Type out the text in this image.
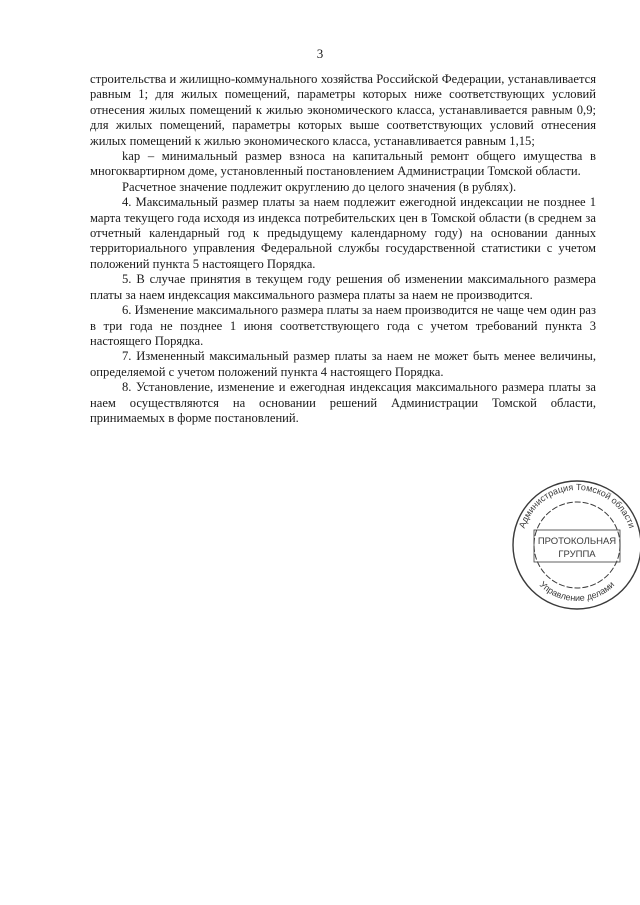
3

строительства и жилищно-коммунального хозяйства Российской Федерации, устанавливается равным 1; для жилых помещений, параметры которых ниже соответствующих условий отнесения жилых помещений к жилью экономического класса, устанавливается равным 0,9; для жилых помещений, параметры которых выше соответствующих условий отнесения жилых помещений к жилью экономического класса, устанавливается равным 1,15;

kap – минимальный размер взноса на капитальный ремонт общего имущества в многоквартирном доме, установленный постановлением Администрации Томской области.

Расчетное значение подлежит округлению до целого значения (в рублях).

4. Максимальный размер платы за наем подлежит ежегодной индексации не позднее 1 марта текущего года исходя из индекса потребительских цен в Томской области (в среднем за отчетный календарный год к предыдущему календарному году) на основании данных территориального управления Федеральной службы государственной статистики с учетом положений пункта 5 настоящего Порядка.

5. В случае принятия в текущем году решения об изменении максимального размера платы за наем индексация максимального размера платы за наем не производится.

6. Изменение максимального размера платы за наем производится не чаще чем один раз в три года не позднее 1 июня соответствующего года с учетом требований пункта 3 настоящего Порядка.

7. Измененный максимальный размер платы за наем не может быть менее величины, определяемой с учетом положений пункта 4 настоящего Порядка.

8. Установление, изменение и ежегодная индексация максимального размера платы за наем осуществляются на основании решений Администрации Томской области, принимаемых в форме постановлений.

Администрация Томской области
Управление делами
ПРОТОКОЛЬНАЯ
ГРУППА
